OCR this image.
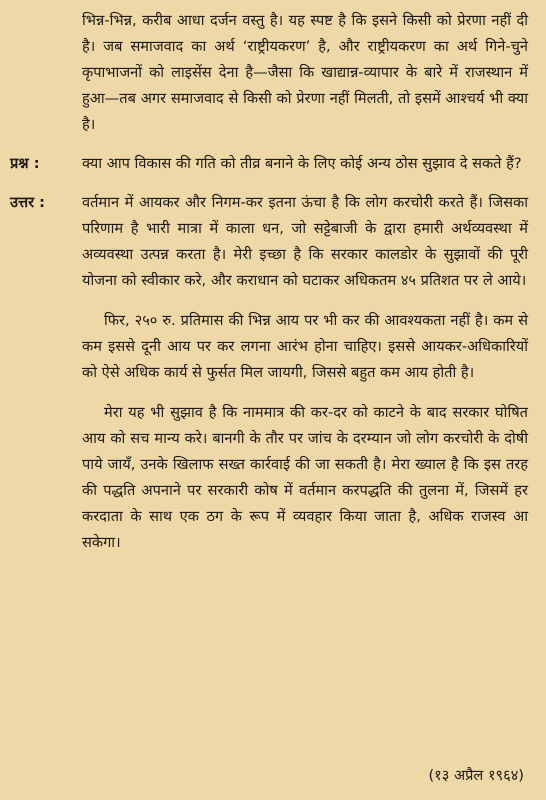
भिन्न-भिन्न, करीब आधा दर्जन वस्तु है। यह स्पष्ट है कि इसने किसी को प्रेरणा नहीं दी है। जब समाजवाद का अर्थ ‘राष्ट्रीयकरण’ है, और राष्ट्रीयकरण का अर्थ गिने-चुने कृपाभाजनों को लाइसेंस देना है—जैसा कि खाद्यान्न-व्यापार के बारे में राजस्थान में हुआ—तब अगर समाजवाद से किसी को प्रेरणा नहीं मिलती, तो इसमें आश्चर्य भी क्या है।

प्रश्न :	क्या आप विकास की गति को तीव्र बनाने के लिए कोई अन्य ठोस सुझाव दे सकते हैं?
उत्तर :	वर्तमान में आयकर और निगम-कर इतना ऊंचा है कि लोग करचोरी करते हैं। जिसका परिणाम है भारी मात्रा में काला धन, जो सट्टेबाजी के द्वारा हमारी अर्थव्यवस्था में अव्यवस्था उत्पन्न करता है। मेरी इच्छा है कि सरकार कालडोर के सुझावों की पूरी योजना को स्वीकार करे, और कराधान को घटाकर अधिकतम ४५ प्रतिशत पर ले आये।

फिर, २५० रु. प्रतिमास की भिन्न आय पर भी कर की आवश्यकता नहीं है। कम से कम इससे दूनी आय पर कर लगना आरंभ होना चाहिए। इससे आयकर-अधिकारियों को ऐसे अधिक कार्य से फुर्सत मिल जायगी, जिससे बहुत कम आय होती है।

मेरा यह भी सुझाव है कि नाममात्र की कर-दर को काटने के बाद सरकार घोषित आय को सच मान्य करे। बानगी के तौर पर जांच के दरम्यान जो लोग करचोरी के दोषी पाये जायँ, उनके खिलाफ सख्त कार्रवाई की जा सकती है। मेरा ख्याल है कि इस तरह की पद्धति अपनाने पर सरकारी कोष में वर्तमान करपद्धति की तुलना में, जिसमें हर करदाता के साथ एक ठग के रूप में व्यवहार किया जाता है, अधिक राजस्व आ सकेगा।

(१३ अप्रैल १९६४)
